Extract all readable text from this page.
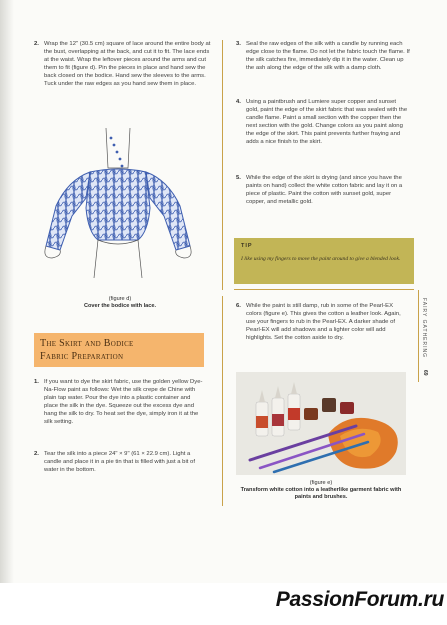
2. Wrap the 12" (30.5 cm) square of lace around the entire body at the bust, overlapping at the back, and cut it to fit. The lace ends at the waist. Wrap the leftover pieces around the arms and cut them to fit (figure d). Pin the pieces in place and hand sew the back closed on the bodice. Hand sew the sleeves to the arms. Tuck under the raw edges as you hand sew them in place.

(figure d)
Cover the bodice with lace.
The Skirt and Bodice
Fabric Preparation

1. If you want to dye the skirt fabric, use the golden yellow Dye-Na-Flow paint as follows: Wet the silk crepe de Chine with plain tap water. Pour the dye into a plastic container and place the silk in the dye. Squeeze out the excess dye and hang the silk to dry. To heat set the dye, simply iron it at the silk setting.

2. Tear the silk into a piece 24" × 9" (61 × 22.9 cm). Light a candle and place it in a pie tin that is filled with just a bit of water in the bottom.

3. Seal the raw edges of the silk with a candle by running each edge close to the flame. Do not let the fabric touch the flame. If the silk catches fire, immediately dip it in the water. Clean up the ash along the edge of the silk with a damp cloth.

4. Using a paintbrush and Lumiere super copper and sunset gold, paint the edge of the skirt fabric that was sealed with the candle flame. Paint a small section with the copper then the next section with the gold. Change colors as you paint along the edge of the skirt. This paint prevents further fraying and adds a nice finish to the skirt.

5. While the edge of the skirt is drying (and since you have the paints on hand) collect the white cotton fabric and lay it on a piece of plastic. Paint the cotton with sunset gold, super copper, and metallic gold.

TIP
I like using my fingers to move the paint around to give a blended look.

6. While the paint is still damp, rub in some of the Pearl-EX colors (figure e). This gives the cotton a leather look. Again, use your fingers to rub in the Pearl-EX. A darker shade of Pearl-EX will add shadows and a lighter color will add highlights. Set the cotton aside to dry.

(figure e)
Transform white cotton into a leatherlike garment fabric with paints and brushes.
FAIRY GATHERING
69
PassionForum.ru
